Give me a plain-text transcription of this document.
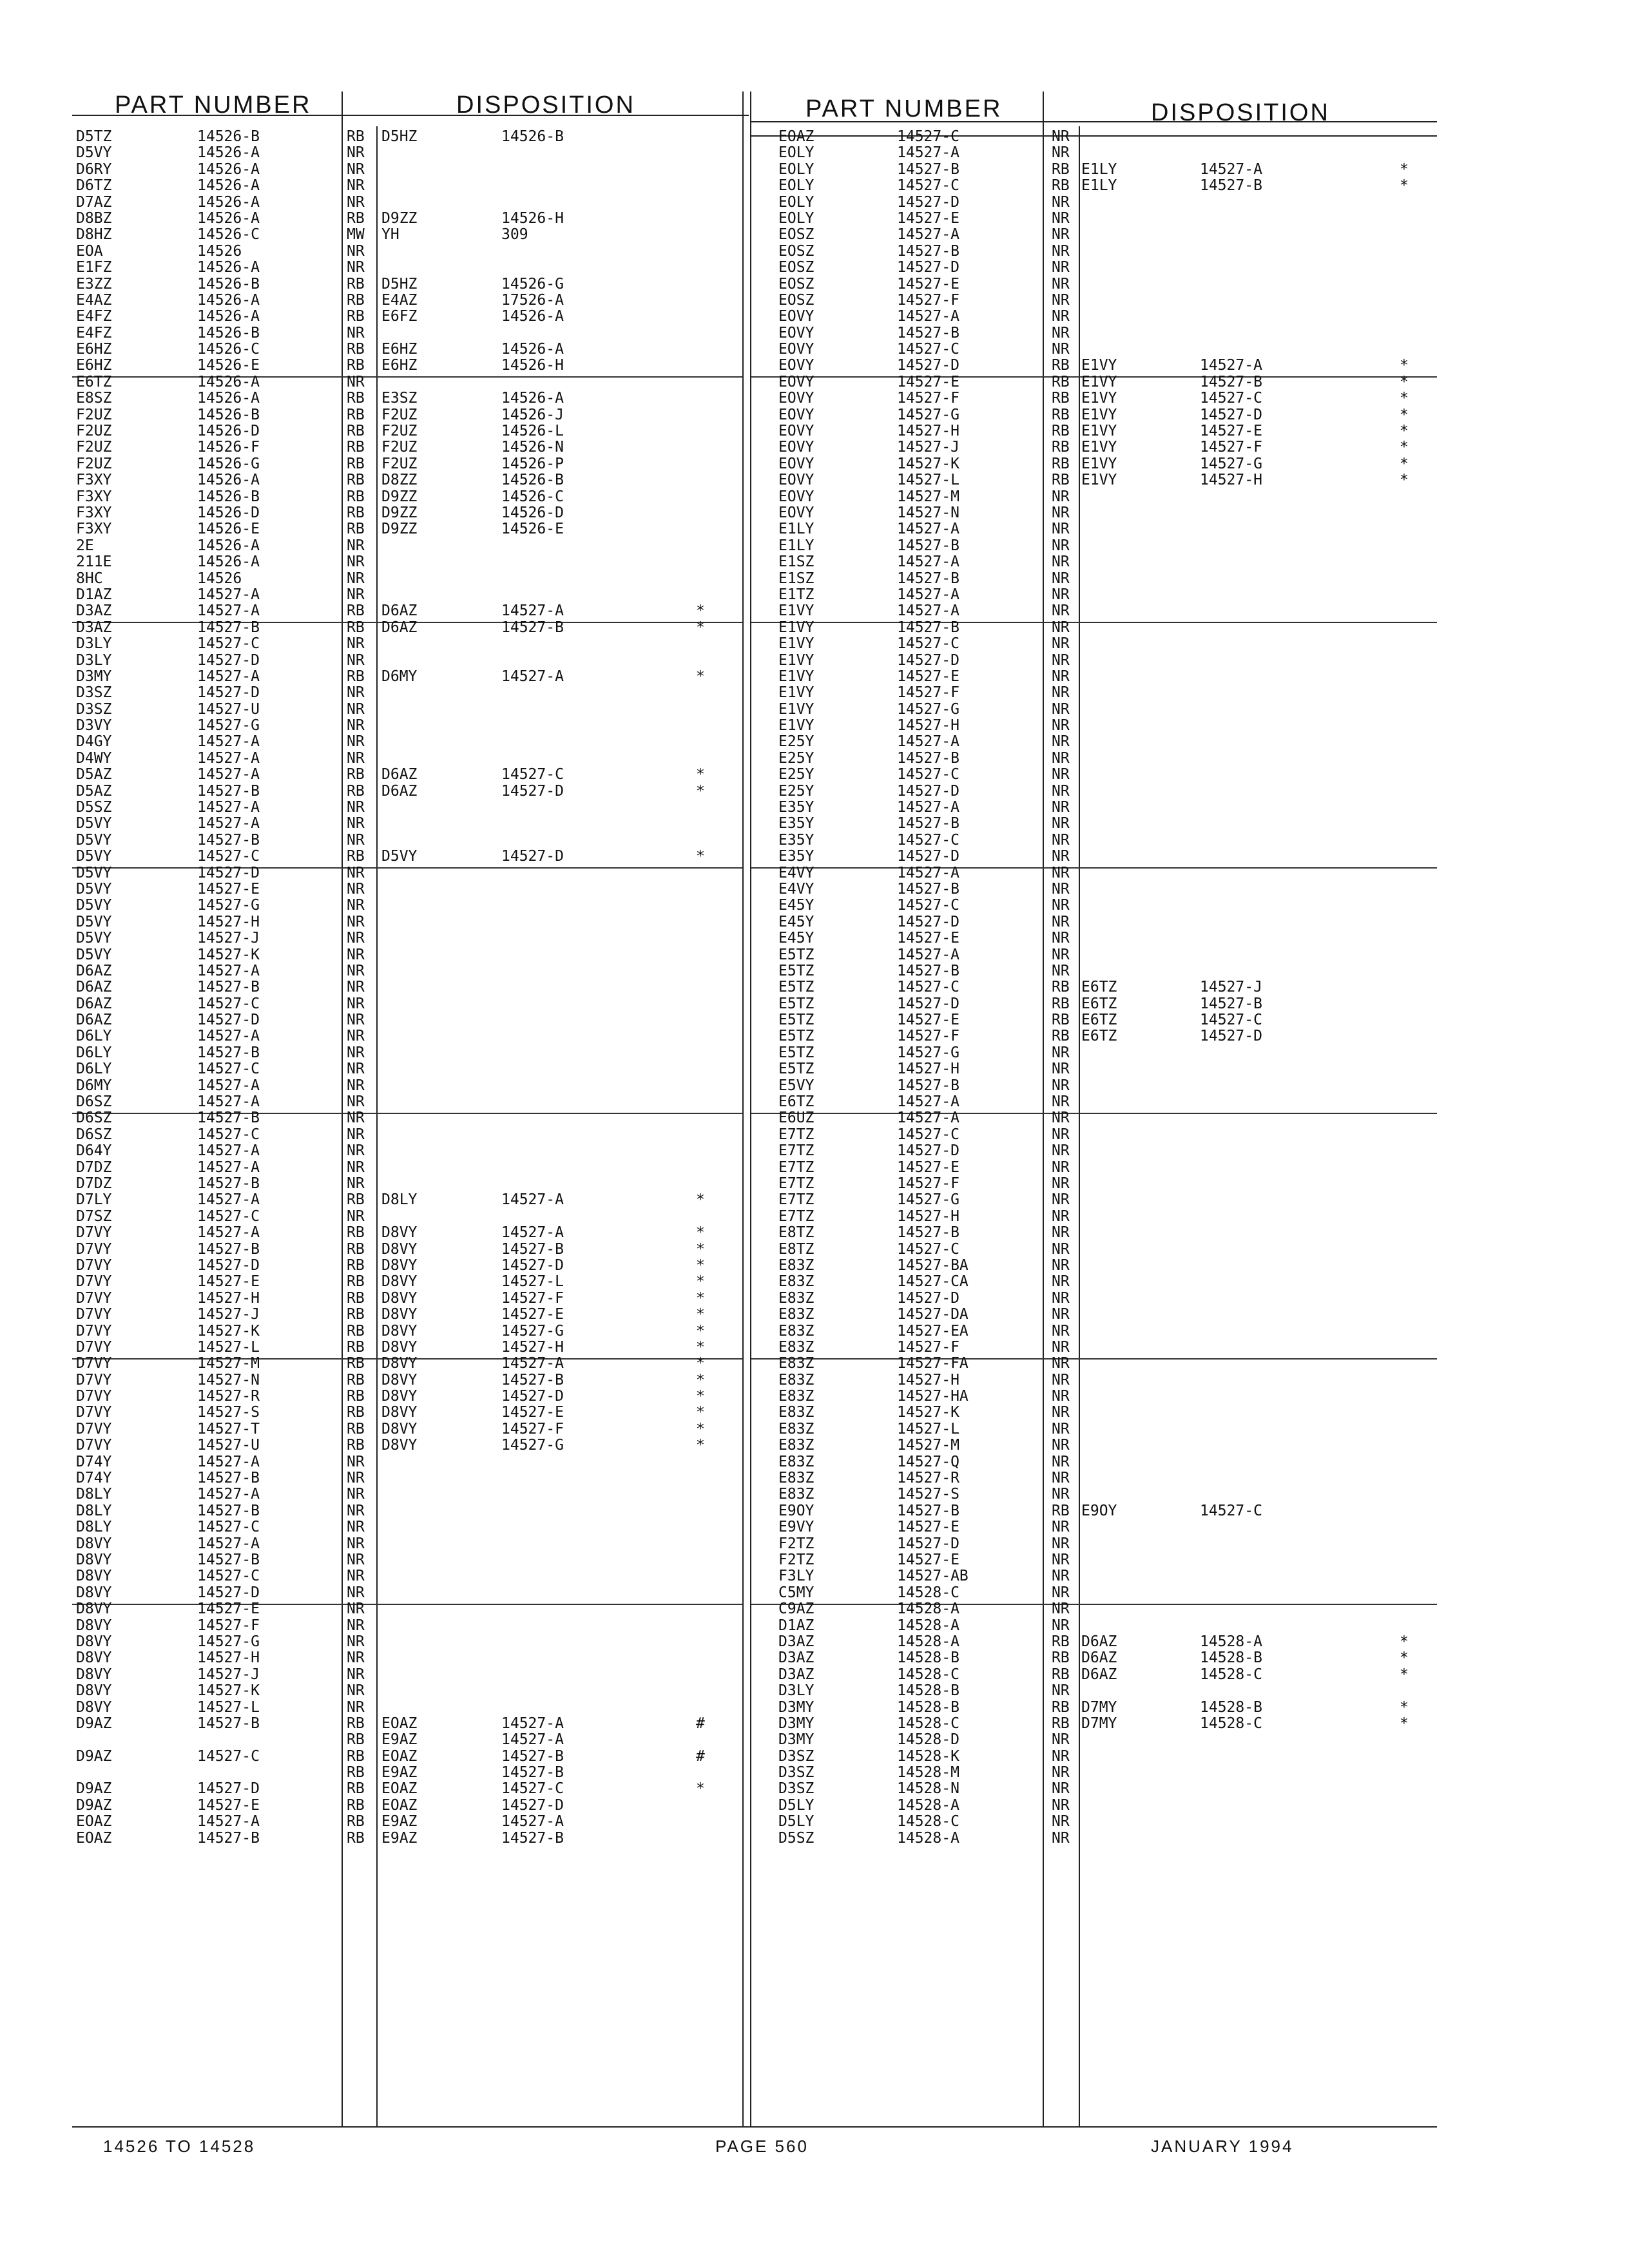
PART NUMBER	DISPOSITION	PART NUMBER	DISPOSITION
D5TZ	14526-B	RB D5HZ	14526-B
D5VY	14526-A	NR
D6RY	14526-A	NR
D6TZ	14526-A	NR
D7AZ	14526-A	NR
D8BZ	14526-A	RB D9ZZ	14526-H
D8HZ	14526-C	MW YH	309
EOA	14526	NR
E1FZ	14526-A	NR
E3ZZ	14526-B	RB D5HZ	14526-G
E4AZ	14526-A	RB E4AZ	17526-A
E4FZ	14526-A	RB E6FZ	14526-A
E4FZ	14526-B	NR
E6HZ	14526-C	RB E6HZ	14526-A
E6HZ	14526-E	RB E6HZ	14526-H
E6TZ	14526-A	NR
E8SZ	14526-A	RB E3SZ	14526-A
F2UZ	14526-B	RB F2UZ	14526-J
F2UZ	14526-D	RB F2UZ	14526-L
F2UZ	14526-F	RB F2UZ	14526-N
F2UZ	14526-G	RB F2UZ	14526-P
F3XY	14526-A	RB D8ZZ	14526-B
F3XY	14526-B	RB D9ZZ	14526-C
F3XY	14526-D	RB D9ZZ	14526-D
F3XY	14526-E	RB D9ZZ	14526-E
2E	14526-A	NR
211E	14526-A	NR
8HC	14526	NR
D1AZ	14527-A	NR
D3AZ	14527-A	RB D6AZ	14527-A	*
D3AZ	14527-B	RB D6AZ	14527-B	*
D3LY	14527-C	NR
D3LY	14527-D	NR
D3MY	14527-A	RB D6MY	14527-A	*
D3SZ	14527-D	NR
D3SZ	14527-U	NR
D3VY	14527-G	NR
D4GY	14527-A	NR
D4WY	14527-A	NR
D5AZ	14527-A	RB D6AZ	14527-C	*
D5AZ	14527-B	RB D6AZ	14527-D	*
D5SZ	14527-A	NR
D5VY	14527-A	NR
D5VY	14527-B	NR
D5VY	14527-C	RB D5VY	14527-D	*
D5VY	14527-D	NR
D5VY	14527-E	NR
D5VY	14527-G	NR
D5VY	14527-H	NR
D5VY	14527-J	NR
D5VY	14527-K	NR
D6AZ	14527-A	NR
D6AZ	14527-B	NR
D6AZ	14527-C	NR
D6AZ	14527-D	NR
D6LY	14527-A	NR
D6LY	14527-B	NR
D6LY	14527-C	NR
D6MY	14527-A	NR
D6SZ	14527-A	NR
D6SZ	14527-B	NR
D6SZ	14527-C	NR
D64Y	14527-A	NR
D7DZ	14527-A	NR
D7DZ	14527-B	NR
D7LY	14527-A	RB D8LY	14527-A	*
D7SZ	14527-C	NR
D7VY	14527-A	RB D8VY	14527-A	*
D7VY	14527-B	RB D8VY	14527-B	*
D7VY	14527-D	RB D8VY	14527-D	*
D7VY	14527-E	RB D8VY	14527-L	*
D7VY	14527-H	RB D8VY	14527-F	*
D7VY	14527-J	RB D8VY	14527-E	*
D7VY	14527-K	RB D8VY	14527-G	*
D7VY	14527-L	RB D8VY	14527-H	*
D7VY	14527-M	RB D8VY	14527-A	*
D7VY	14527-N	RB D8VY	14527-B	*
D7VY	14527-R	RB D8VY	14527-D	*
D7VY	14527-S	RB D8VY	14527-E	*
D7VY	14527-T	RB D8VY	14527-F	*
D7VY	14527-U	RB D8VY	14527-G	*
D74Y	14527-A	NR
D74Y	14527-B	NR
D8LY	14527-A	NR
D8LY	14527-B	NR
D8LY	14527-C	NR
D8VY	14527-A	NR
D8VY	14527-B	NR
D8VY	14527-C	NR
D8VY	14527-D	NR
D8VY	14527-E	NR
D8VY	14527-F	NR
D8VY	14527-G	NR
D8VY	14527-H	NR
D8VY	14527-J	NR
D8VY	14527-K	NR
D8VY	14527-L	NR
D9AZ	14527-B	RB EOAZ	14527-A	#
RB E9AZ	14527-A
D9AZ	14527-C	RB EOAZ	14527-B	#
RB E9AZ	14527-B
D9AZ	14527-D	RB EOAZ	14527-C	*
D9AZ	14527-E	RB EOAZ	14527-D
EOAZ	14527-A	RB E9AZ	14527-A
EOAZ	14527-B	RB E9AZ	14527-B
EOAZ	14527-C	NR
EOLY	14527-A	NR
EOLY	14527-B	RB E1LY	14527-A	*
EOLY	14527-C	RB E1LY	14527-B	*
EOLY	14527-D	NR
EOLY	14527-E	NR
EOSZ	14527-A	NR
EOSZ	14527-B	NR
EOSZ	14527-D	NR
EOSZ	14527-E	NR
EOSZ	14527-F	NR
EOVY	14527-A	NR
EOVY	14527-B	NR
EOVY	14527-C	NR
EOVY	14527-D	RB E1VY	14527-A	*
EOVY	14527-E	RB E1VY	14527-B	*
EOVY	14527-F	RB E1VY	14527-C	*
EOVY	14527-G	RB E1VY	14527-D	*
EOVY	14527-H	RB E1VY	14527-E	*
EOVY	14527-J	RB E1VY	14527-F	*
EOVY	14527-K	RB E1VY	14527-G	*
EOVY	14527-L	RB E1VY	14527-H	*
EOVY	14527-M	NR
EOVY	14527-N	NR
E1LY	14527-A	NR
E1LY	14527-B	NR
E1SZ	14527-A	NR
E1SZ	14527-B	NR
E1TZ	14527-A	NR
E1VY	14527-A	NR
E1VY	14527-B	NR
E1VY	14527-C	NR
E1VY	14527-D	NR
E1VY	14527-E	NR
E1VY	14527-F	NR
E1VY	14527-G	NR
E1VY	14527-H	NR
E25Y	14527-A	NR
E25Y	14527-B	NR
E25Y	14527-C	NR
E25Y	14527-D	NR
E35Y	14527-A	NR
E35Y	14527-B	NR
E35Y	14527-C	NR
E35Y	14527-D	NR
E4VY	14527-A	NR
E4VY	14527-B	NR
E45Y	14527-C	NR
E45Y	14527-D	NR
E45Y	14527-E	NR
E5TZ	14527-A	NR
E5TZ	14527-B	NR
E5TZ	14527-C	RB E6TZ	14527-J
E5TZ	14527-D	RB E6TZ	14527-B
E5TZ	14527-E	RB E6TZ	14527-C
E5TZ	14527-F	RB E6TZ	14527-D
E5TZ	14527-G	NR
E5TZ	14527-H	NR
E5VY	14527-B	NR
E6TZ	14527-A	NR
E6UZ	14527-A	NR
E7TZ	14527-C	NR
E7TZ	14527-D	NR
E7TZ	14527-E	NR
E7TZ	14527-F	NR
E7TZ	14527-G	NR
E7TZ	14527-H	NR
E8TZ	14527-B	NR
E8TZ	14527-C	NR
E83Z	14527-BA	NR
E83Z	14527-CA	NR
E83Z	14527-D	NR
E83Z	14527-DA	NR
E83Z	14527-EA	NR
E83Z	14527-F	NR
E83Z	14527-FA	NR
E83Z	14527-H	NR
E83Z	14527-HA	NR
E83Z	14527-K	NR
E83Z	14527-L	NR
E83Z	14527-M	NR
E83Z	14527-Q	NR
E83Z	14527-R	NR
E83Z	14527-S	NR
E9OY	14527-B	RB E9OY	14527-C
E9VY	14527-E	NR
F2TZ	14527-D	NR
F2TZ	14527-E	NR
F3LY	14527-AB	NR
C5MY	14528-C	NR
C9AZ	14528-A	NR
D1AZ	14528-A	NR
D3AZ	14528-A	RB D6AZ	14528-A	*
D3AZ	14528-B	RB D6AZ	14528-B	*
D3AZ	14528-C	RB D6AZ	14528-C	*
D3LY	14528-B	NR
D3MY	14528-B	RB D7MY	14528-B	*
D3MY	14528-C	RB D7MY	14528-C	*
D3MY	14528-D	NR
D3SZ	14528-K	NR
D3SZ	14528-M	NR
D3SZ	14528-N	NR
D5LY	14528-A	NR
D5LY	14528-C	NR
D5SZ	14528-A	NR
14526 TO 14528	PAGE 560	JANUARY 1994
